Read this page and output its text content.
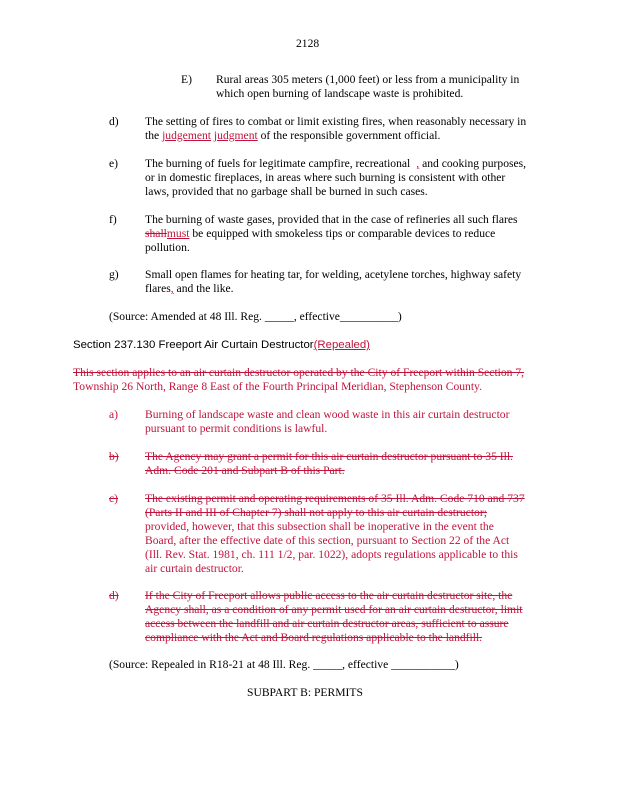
2128
E) Rural areas 305 meters (1,000 feet) or less from a municipality in
which open burning of landscape waste is prohibited.
d) The setting of fires to combat or limit existing fires, when reasonably necessary in
the judgement judgment of the responsible government official.
e) The burning of fuels for legitimate campfire, recreational , and cooking purposes,
or in domestic fireplaces, in areas where such burning is consistent with other
laws, provided that no garbage shall be burned in such cases.
f) The burning of waste gases, provided that in the case of refineries all such flares
shallmust be equipped with smokeless tips or comparable devices to reduce
pollution.
g) Small open flames for heating tar, for welding, acetylene torches, highway safety
flares, and the like.
(Source: Amended at 48 Ill. Reg. _____, effective__________)
Section 237.130 Freeport Air Curtain Destructor(Repealed)
This section applies to an air curtain destructor operated by the City of Freeport within Section 7,
Township 26 North, Range 8 East of the Fourth Principal Meridian, Stephenson County.
a) Burning of landscape waste and clean wood waste in this air curtain destructor
pursuant to permit conditions is lawful.
b) The Agency may grant a permit for this air curtain destructor pursuant to 35 Ill.
Adm. Code 201 and Subpart B of this Part.
c) The existing permit and operating requirements of 35 Ill. Adm. Code 710 and 737
(Parts II and III of Chapter 7) shall not apply to this air curtain destructor;
provided, however, that this subsection shall be inoperative in the event the
Board, after the effective date of this section, pursuant to Section 22 of the Act
(Ill. Rev. Stat. 1981, ch. 111 1/2, par. 1022), adopts regulations applicable to this
air curtain destructor.
d) If the City of Freeport allows public access to the air curtain destructor site, the
Agency shall, as a condition of any permit used for an air curtain destructor, limit
access between the landfill and air curtain destructor areas, sufficient to assure
compliance with the Act and Board regulations applicable to the landfill.
(Source: Repealed in R18-21 at 48 Ill. Reg. _____, effective ___________)
SUBPART B: PERMITS
